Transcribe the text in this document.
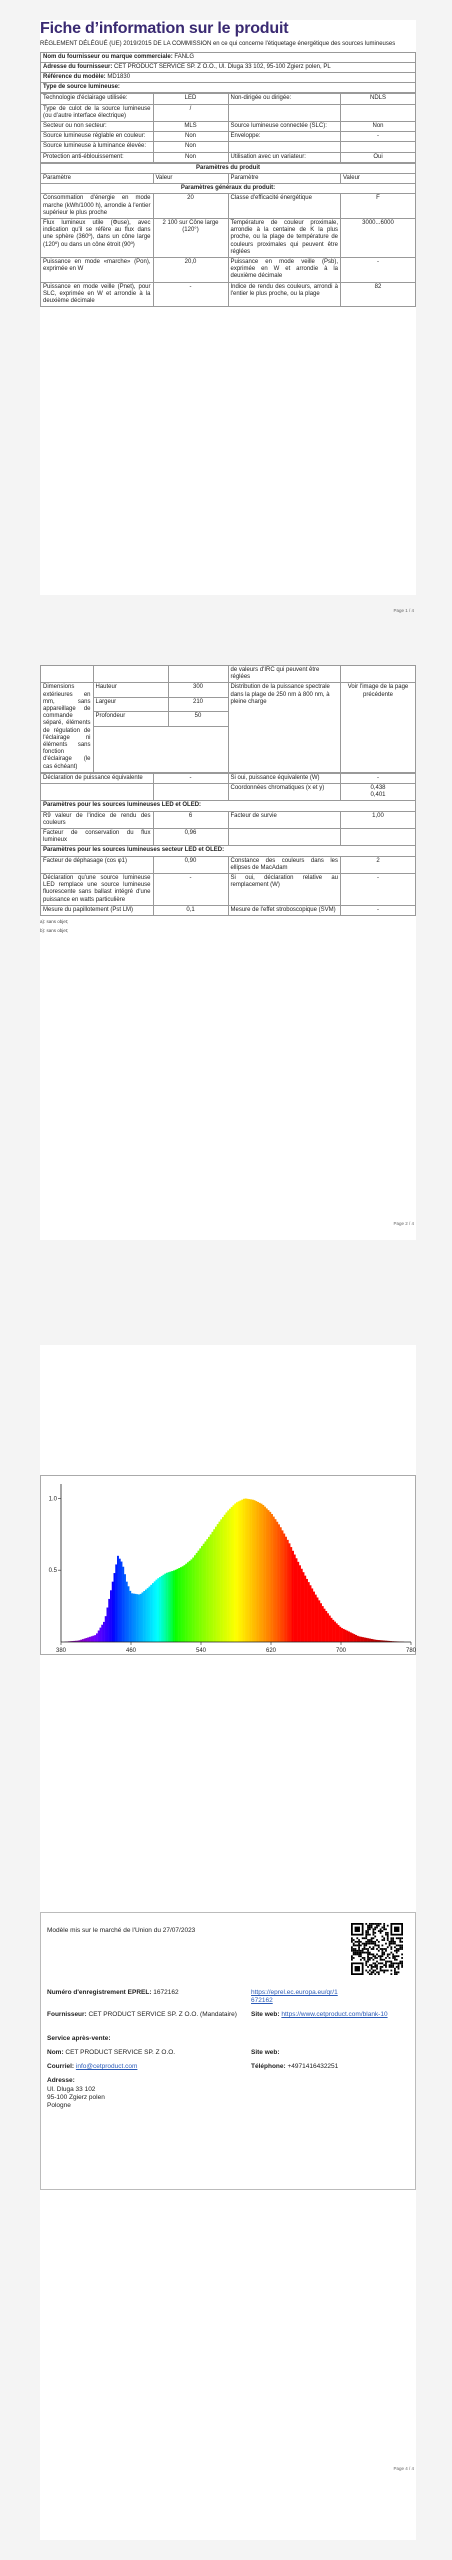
Fiche d’information sur le produit
RÈGLEMENT DÉLÉGUÉ (UE) 2019/2015 DE LA COMMISSION en ce qui concerne l'étiquetage énergétique des sources lumineuses
Nom du fournisseur ou marque commerciale: FANLG
Adresse du fournisseur: CET PRODUCT SERVICE SP. Z O.O., Ul. Dluga 33 102, 95-100 Zgierz polen, PL
Référence du modèle: MD1830
Type de source lumineuse:
Technologie d'éclairage utilisée:	LED	Non-dirigée ou dirigée:	NDLS
Type de culot de la source lumineuse (ou d’autre interface électrique)	/		
Secteur ou non secteur:	MLS	Source lumineuse connectée (SLC):	Non
Source lumineuse réglable en couleur:	Non	Enveloppe:	-
Source lumineuse à luminance élevée:	Non		
Protection anti-éblouissement:	Non	Utilisation avec un variateur:	Oui
Paramètres du produit			
Paramètre	Valeur	Paramètre	Valeur
Paramètres généraux du produit:			
Consommation d'énergie en mode marche (kWh/1000 h), arrondie à l'entier supérieur le plus proche	20	Classe d'efficacité énergétique	F
Flux lumineux utile (Φuse), avec indication qu'il se réfère au flux dans une sphère (360º), dans un cône large (120º) ou dans un cône étroit (90º)	2 100 sur Cône large (120°)	Température de couleur proximale, arrondie à la centaine de K la plus proche, ou la plage de température de couleurs proximales qui peuvent être réglées	3000...6000
Puissance en mode «marche» (Pon), exprimée en W	20,0	Puissance en mode veille (Psb), exprimée en W et arrondie à la deuxième décimale	-
Puissance en mode veille (Pnet), pour SLC, exprimée en W et arrondie à la deuxième décimale	-	Indice de rendu des couleurs, arrondi à l'entier le plus proche, ou la plage	82
Page 1 / 4
			de valeurs d'IRC qui peuvent être réglées	
Dimensions extérieures en mm, sans appareillage de commande séparé, éléments de régulation de l'éclairage ni éléments sans fonction d'éclairage (le cas échéant)	Hauteur	300	Distribution de la puissance spectrale dans la plage de 250 nm à 800 nm, à pleine charge	Voir l'image de la page précédente
	Largeur	210		
	Profondeur	50		

Déclaration de puissance équivalente	-	Si oui, puissance équivalente (W)	-
		Coordonnées chromatiques (x et y)	0,438
0,401
Paramètres pour les sources lumineuses LED et OLED:			
R9 valeur de l'indice de rendu des couleurs	6	Facteur de survie	1,00
Facteur de conservation du flux lumineux	0,96		
Paramètres pour les sources lumineuses secteur LED et OLED:			
Facteur de déphasage (cos φ1)	0,90	Constance des couleurs dans les ellipses de MacAdam	2
Déclaration qu'une source lumineuse LED remplace une source lumineuse fluorescente sans ballast intégré d'une puissance en watts particulière	-	Si oui, déclaration relative au remplacement (W)	-
Mesure du papillotement (Pst LM)	0,1	Mesure de l'effet stroboscopique (SVM)	-
a): sans objet;
b): sans objet;
Page 2 / 4
380	460	540	620	700	780
1.0
0.5
Modèle mis sur le marché de l'Union du 27/07/2023
Numéro d'enregistrement EPREL: 1672162	https://eprel.ec.europa.eu/qr/1672162
Fournisseur: CET PRODUCT SERVICE SP. Z O.O. (Mandataire)	Site web: https://www.cetproduct.com/blank-10
Service après-vente:
Nom: CET PRODUCT SERVICE SP. Z O.O.	Site web:
Courriel: info@cetproduct.com	Téléphone: +4971416432251
Adresse:
Ul. Dluga 33 102
95-100 Zgierz polen
Pologne
Page 4 / 4
